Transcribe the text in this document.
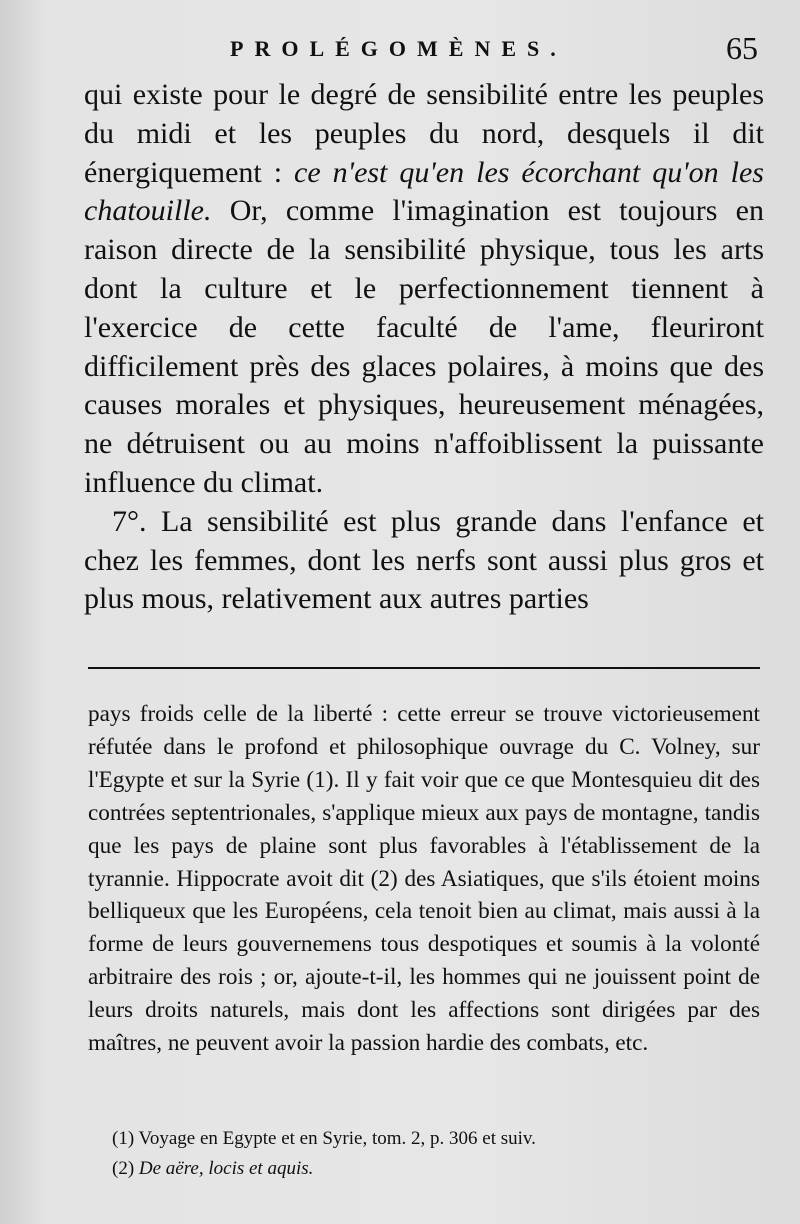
PROLÉGOMÈNES.	65

qui existe pour le degré de sensibilité entre les peuples du midi et les peuples du nord, desquels il dit énergiquement : ce n'est qu'en les écorchant qu'on les chatouille. Or, comme l'imagination est toujours en raison directe de la sensibilité physique, tous les arts dont la culture et le perfectionnement tiennent à l'exercice de cette faculté de l'ame, fleuriront difficilement près des glaces polaires, à moins que des causes morales et physiques, heureusement ménagées, ne détruisent ou au moins n'affoiblissent la puissante influence du climat.

7°. La sensibilité est plus grande dans l'enfance et chez les femmes, dont les nerfs sont aussi plus gros et plus mous, relativement aux autres parties

pays froids celle de la liberté : cette erreur se trouve victorieusement réfutée dans le profond et philosophique ouvrage du C. Volney, sur l'Egypte et sur la Syrie (1). Il y fait voir que ce que Montesquieu dit des contrées septentrionales, s'applique mieux aux pays de montagne, tandis que les pays de plaine sont plus favorables à l'établissement de la tyrannie. Hippocrate avoit dit (2) des Asiatiques, que s'ils étoient moins belliqueux que les Européens, cela tenoit bien au climat, mais aussi à la forme de leurs gouvernemens tous despotiques et soumis à la volonté arbitraire des rois ; or, ajoute-t-il, les hommes qui ne jouissent point de leurs droits naturels, mais dont les affections sont dirigées par des maîtres, ne peuvent avoir la passion hardie des combats, etc.

(1) Voyage en Egypte et en Syrie, tom. 2, p. 306 et suiv.

(2) De aëre, locis et aquis.
